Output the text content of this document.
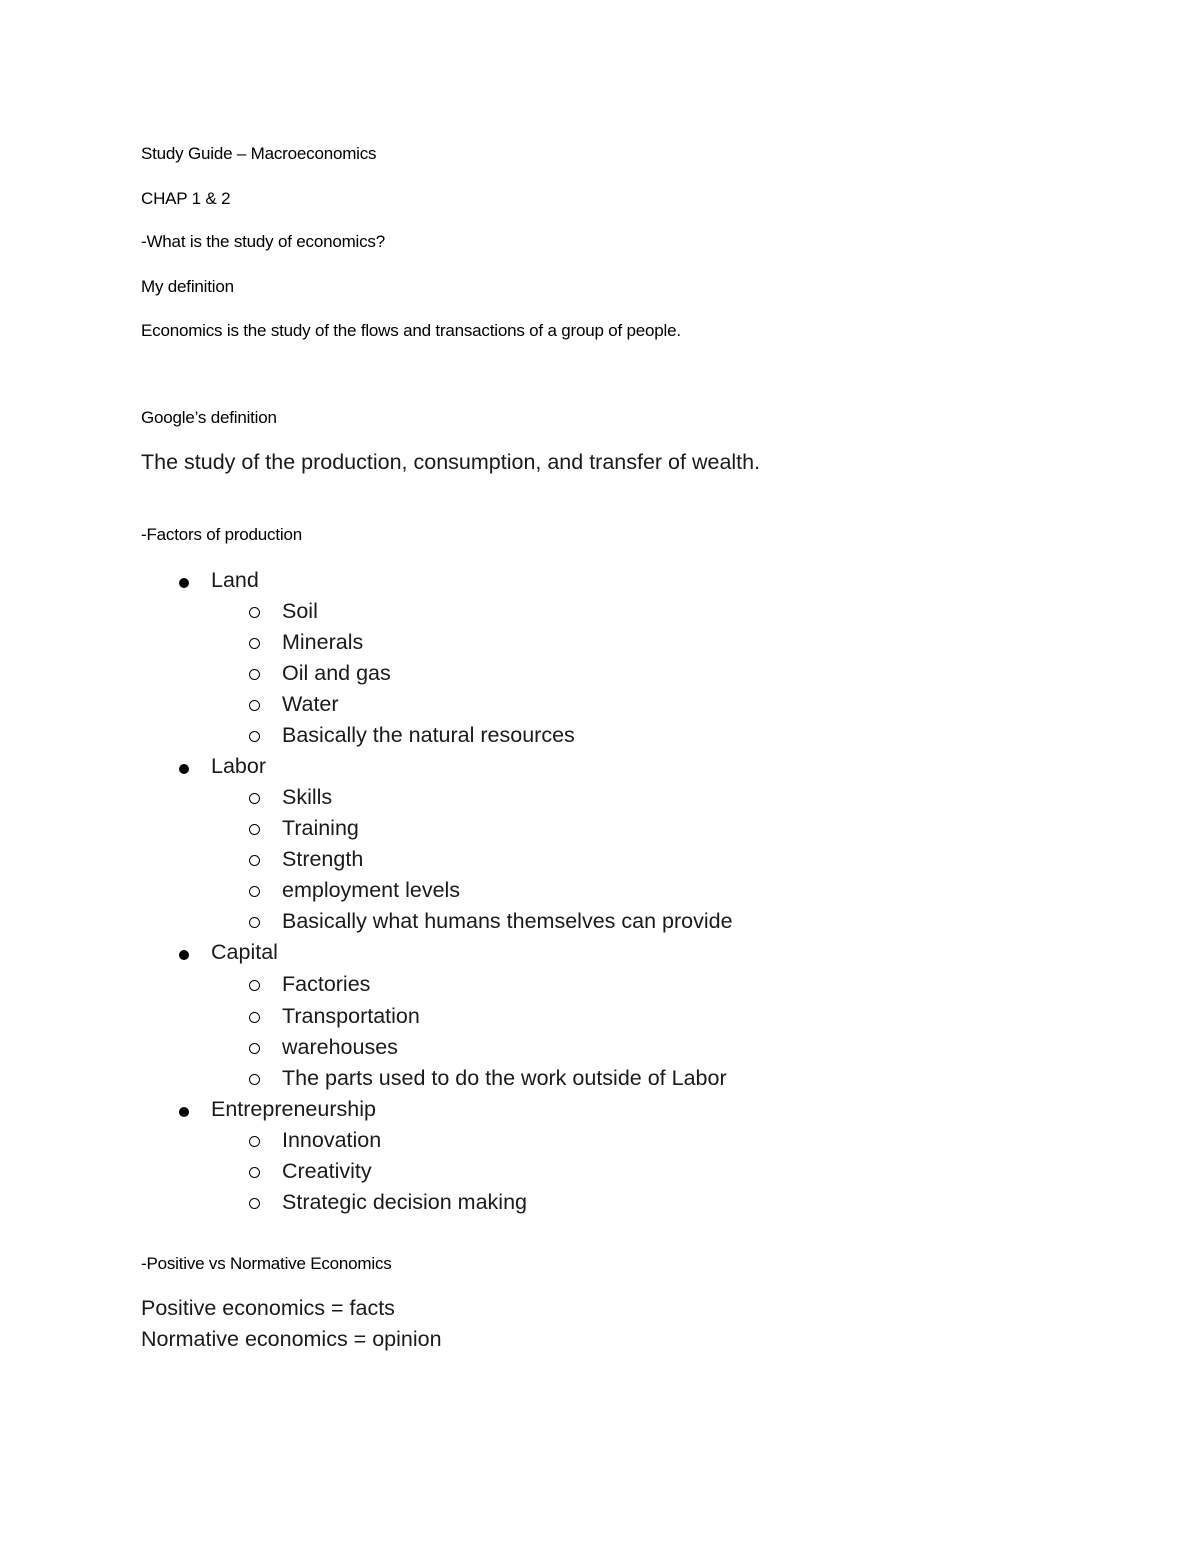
Study Guide – Macroeconomics
CHAP 1 & 2
-What is the study of economics?
My definition
Economics is the study of the flows and transactions of a group of people.
Google’s definition
The study of the production, consumption, and transfer of wealth.
-Factors of production
Land
Soil
Minerals
Oil and gas
Water
Basically the natural resources
Labor
Skills
Training
Strength
employment levels
Basically what humans themselves can provide
Capital
Factories
Transportation
warehouses
The parts used to do the work outside of Labor
Entrepreneurship
Innovation
Creativity
Strategic decision making
-Positive vs Normative Economics
Positive economics = facts
Normative economics = opinion
